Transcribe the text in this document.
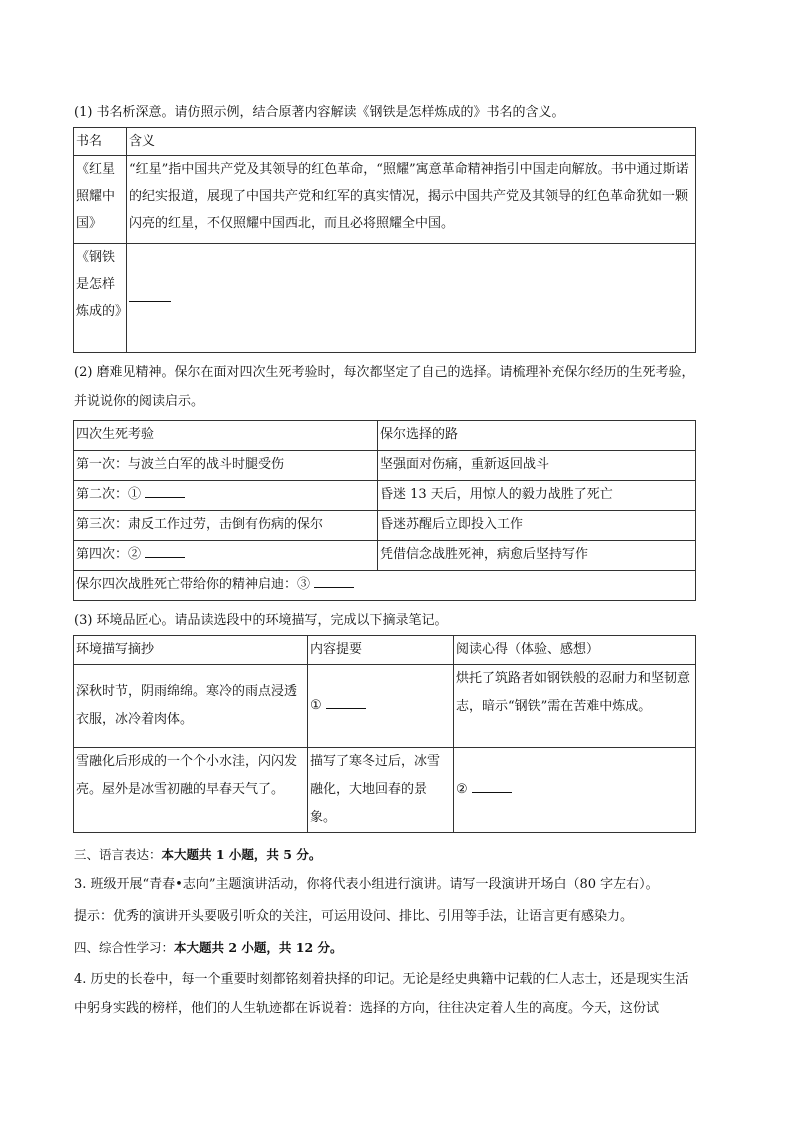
(1) 书名析深意。请仿照示例，结合原著内容解读《钢铁是怎样炼成的》书名的含义。

书名	含义
《红星照耀中国》	“红星”指中国共产党及其领导的红色革命，“照耀”寓意革命精神指引中国走向解放。书中通过斯诺的纪实报道，展现了中国共产党和红军的真实情况，揭示中国共产党及其领导的红色革命犹如一颗闪亮的红星，不仅照耀中国西北，而且必将照耀全中国。
《钢铁是怎样炼成的》	

(2) 磨难见精神。保尔在面对四次生死考验时，每次都坚定了自己的选择。请梳理补充保尔经历的生死考验，并说说你的阅读启示。

四次生死考验	保尔选择的路
第一次：与波兰白军的战斗时腿受伤	坚强面对伤痛，重新返回战斗
第二次：①	昏迷 13 天后，用惊人的毅力战胜了死亡
第三次：肃反工作过劳，击倒有伤病的保尔	昏迷苏醒后立即投入工作
第四次：②	凭借信念战胜死神，病愈后坚持写作
保尔四次战胜死亡带给你的精神启迪：③	

(3) 环境品匠心。请品读选段中的环境描写，完成以下摘录笔记。

环境描写摘抄	内容提要	阅读心得（体验、感想）
深秋时节，阴雨绵绵。寒冷的雨点浸透衣服，冰冷着肉体。	①	烘托了筑路者如钢铁般的忍耐力和坚韧意志，暗示“钢铁”需在苦难中炼成。
雪融化后形成的一个个小水洼，闪闪发亮。屋外是冰雪初融的早春天气了。	描写了寒冬过后，冰雪融化，大地回春的景象。	②
三、语言表达：本大题共 1 小题，共 5 分。

3. 班级开展“青春•志向”主题演讲活动，你将代表小组进行演讲。请写一段演讲开场白（80 字左右）。

提示：优秀的演讲开头要吸引听众的关注，可运用设问、排比、引用等手法，让语言更有感染力。

四、综合性学习：本大题共 2 小题，共 12 分。

4. 历史的长卷中，每一个重要时刻都铭刻着抉择的印记。无论是经史典籍中记载的仁人志士，还是现实生活中躬身实践的榜样，他们的人生轨迹都在诉说着：选择的方向，往往决定着人生的高度。今天，这份试
